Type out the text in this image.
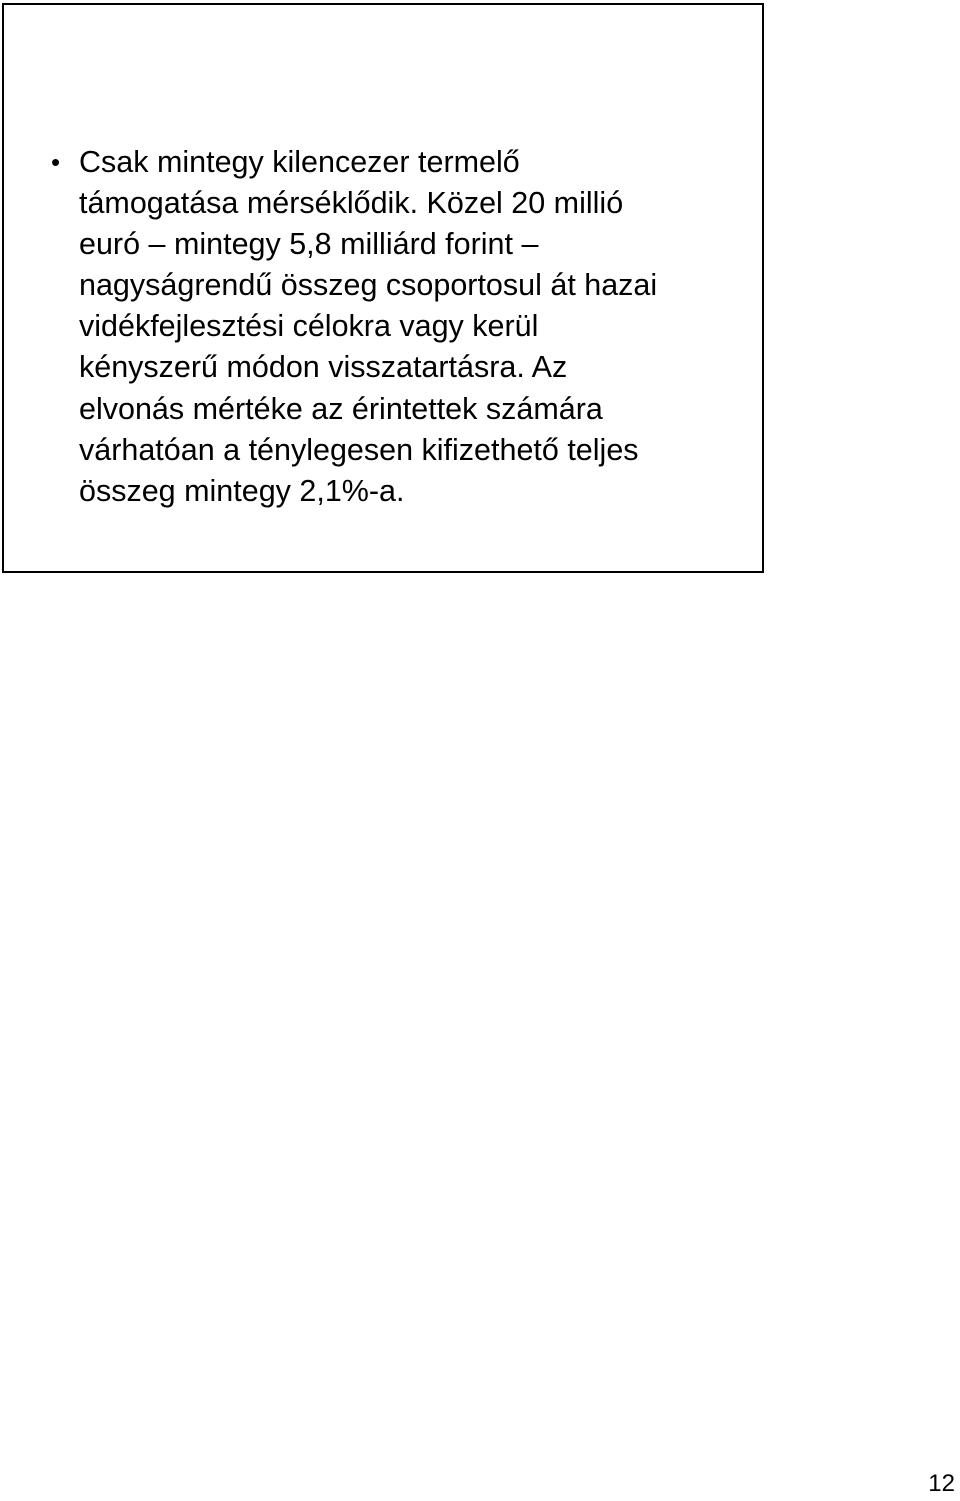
• Csak mintegy kilencezer termelő
támogatása mérséklődik. Közel 20 millió
euró – mintegy 5,8 milliárd forint –
nagyságrendű összeg csoportosul át hazai
vidékfejlesztési célokra vagy kerül
kényszerű módon visszatartásra. Az
elvonás mértéke az érintettek számára
várhatóan a ténylegesen kifizethető teljes
összeg mintegy 2,1%-a.
12
